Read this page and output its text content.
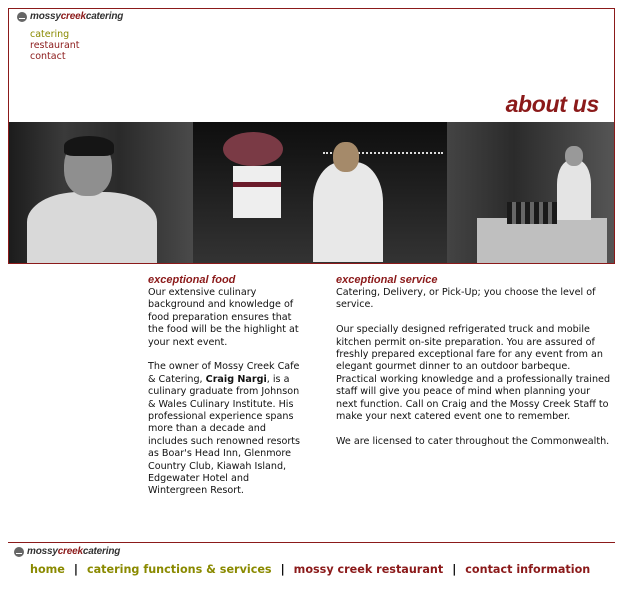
mossycreekcatering
catering
restaurant
contact
about us
exceptional food

Our extensive culinary background and knowledge of food preparation ensures that the food will be the highlight at your next event.

The owner of Mossy Creek Cafe & Catering, Craig Nargi, is a culinary graduate from Johnson & Wales Culinary Institute. His professional experience spans more than a decade and includes such renowned resorts as Boar's Head Inn, Glenmore Country Club, Kiawah Island, Edgewater Hotel and Wintergreen Resort.

exceptional service

Catering, Delivery, or Pick-Up; you choose the level of service.

Our specially designed refrigerated truck and mobile kitchen permit on-site preparation. You are assured of freshly prepared exceptional fare for any event from an elegant gourmet dinner to an outdoor barbeque. Practical working knowledge and a professionally trained staff will give you peace of mind when planning your next function. Call on Craig and the Mossy Creek Staff to make your next catered event one to remember.

We are licensed to cater throughout the Commonwealth.

mossycreekcatering
home | catering functions & services | mossy creek restaurant | contact information
